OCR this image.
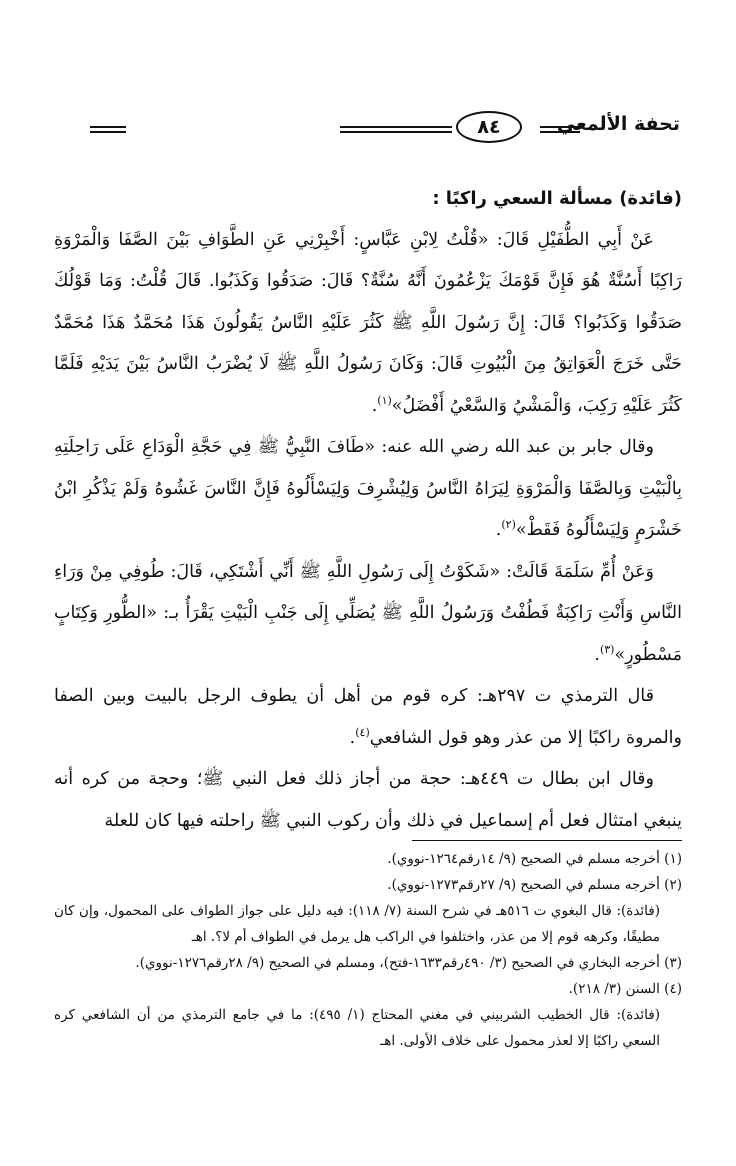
تحفة الألمعي
٨٤

(فائدة) مسألة السعي راكبًا :

عَنْ أَبِي الطُّفَيْلِ قَالَ: «قُلْتُ لِابْنِ عَبَّاسٍ: أَخْبِرْنِي عَنِ الطَّوَافِ بَيْنَ الصَّفَا وَالْمَرْوَةِ رَاكِبًا أَسُنَّةٌ هُوَ فَإِنَّ قَوْمَكَ يَزْعُمُونَ أَنَّهُ سُنَّةٌ؟ قَالَ: صَدَقُوا وَكَذَبُوا. قَالَ قُلْتُ: وَمَا قَوْلُكَ صَدَقُوا وَكَذَبُوا؟ قَالَ: إِنَّ رَسُولَ اللَّهِ ﷺ كَثُرَ عَلَيْهِ النَّاسُ يَقُولُونَ هَذَا مُحَمَّدٌ هَذَا مُحَمَّدٌ حَتَّى خَرَجَ الْعَوَاتِقُ مِنَ الْبُيُوتِ قَالَ: وَكَانَ رَسُولُ اللَّهِ ﷺ لَا يُضْرَبُ النَّاسُ بَيْنَ يَدَيْهِ فَلَمَّا كَثُرَ عَلَيْهِ رَكِبَ، وَالْمَشْيُ وَالسَّعْيُ أَفْضَلُ»$^{(١)}$.

وقال جابر بن عبد الله رضي الله عنه: «طَافَ النَّبِيُّ ﷺ فِي حَجَّةِ الْوَدَاعِ عَلَى رَاحِلَتِهِ بِالْبَيْتِ وَبِالصَّفَا وَالْمَرْوَةِ لِيَرَاهُ النَّاسُ وَلِيُشْرِفَ وَلِيَسْأَلُوهُ فَإِنَّ النَّاسَ غَشُوهُ وَلَمْ يَذْكُرِ ابْنُ خَشْرَمٍ وَلِيَسْأَلُوهُ فَقَطْ»$^{(٢)}$.

وَعَنْ أُمِّ سَلَمَةَ قَالَتْ: «شَكَوْتُ إِلَى رَسُولِ اللَّهِ ﷺ أَنِّي أَشْتَكِي، قَالَ: طُوفِي مِنْ وَرَاءِ النَّاسِ وَأَنْتِ رَاكِبَةٌ فَطُفْتُ وَرَسُولُ اللَّهِ ﷺ يُصَلِّي إِلَى جَنْبِ الْبَيْتِ يَقْرَأُ بـ: «الطُّورِ وَكِتَابٍ مَسْطُورٍ»$^{(٣)}$.

قال الترمذي ت ٢٩٧هـ: كره قوم من أهل أن يطوف الرجل بالبيت وبين الصفا والمروة راكبًا إلا من عذر وهو قول الشافعي$^{(٤)}$.

وقال ابن بطال ت ٤٤٩هـ: حجة من أجاز ذلك فعل النبي ﷺ؛ وحجة من كره أنه ينبغي امتثال فعل أم إسماعيل في ذلك وأن ركوب النبي ﷺ راحلته فيها كان للعلة

(١) أخرجه مسلم في الصحيح (٩/ ١٤رقم١٢٦٤-نووي).

(٢) أخرجه مسلم في الصحيح (٩/ ٢٧رقم١٢٧٣-نووي).

(فائدة): قال البغوي ت ٥١٦هـ في شرح السنة (٧/ ١١٨): فيه دليل على جواز الطواف على المحمول، وإن كان مطيقًا، وكرهه قوم إلا من عذر، واختلفوا في الراكب هل يرمل في الطواف أم لا؟. اهـ

(٣) أخرجه البخاري في الصحيح (٣/ ٤٩٠رقم١٦٣٣-فتح)، ومسلم في الصحيح (٩/ ٢٨رقم١٢٧٦-نووي).

(٤) السنن (٣/ ٢١٨).

(فائدة): قال الخطيب الشربيني في مغني المحتاج (١/ ٤٩٥): ما في جامع الترمذي من أن الشافعي كره السعي راكبًا إلا لعذر محمول على خلاف الأولى. اهـ
